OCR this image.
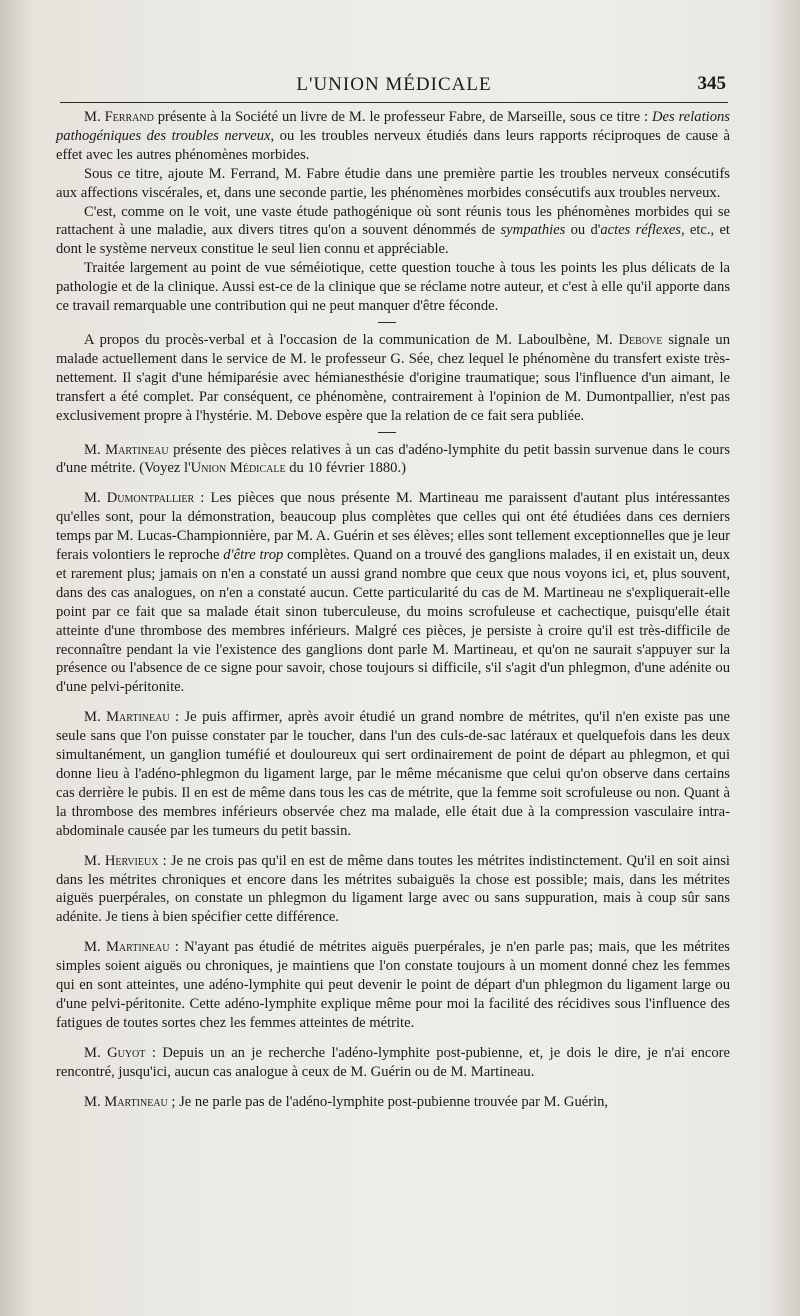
L'UNION MÉDICALE	345

M. Ferrand présente à la Société un livre de M. le professeur Fabre, de Marseille, sous ce titre : Des relations pathogéniques des troubles nerveux, ou les troubles nerveux étudiés dans leurs rapports réciproques de cause à effet avec les autres phénomènes morbides.

Sous ce titre, ajoute M. Ferrand, M. Fabre étudie dans une première partie les troubles nerveux consécutifs aux affections viscérales, et, dans une seconde partie, les phénomènes morbides consécutifs aux troubles nerveux.

C'est, comme on le voit, une vaste étude pathogénique où sont réunis tous les phénomènes morbides qui se rattachent à une maladie, aux divers titres qu'on a souvent dénommés de sympathies ou d'actes réflexes, etc., et dont le système nerveux constitue le seul lien connu et appréciable.

Traitée largement au point de vue séméiotique, cette question touche à tous les points les plus délicats de la pathologie et de la clinique. Aussi est-ce de la clinique que se réclame notre auteur, et c'est à elle qu'il apporte dans ce travail remarquable une contribution qui ne peut manquer d'être féconde.

A propos du procès-verbal et à l'occasion de la communication de M. Laboulbène, M. Debove signale un malade actuellement dans le service de M. le professeur G. Sée, chez lequel le phénomène du transfert existe très-nettement. Il s'agit d'une hémiparésie avec hémianesthésie d'origine traumatique; sous l'influence d'un aimant, le transfert a été complet. Par conséquent, ce phénomène, contrairement à l'opinion de M. Dumontpallier, n'est pas exclusivement propre à l'hystérie. M. Debove espère que la relation de ce fait sera publiée.

M. Martineau présente des pièces relatives à un cas d'adéno-lymphite du petit bassin survenue dans le cours d'une métrite. (Voyez l'Union Médicale du 10 février 1880.)

M. Dumontpallier : Les pièces que nous présente M. Martineau me paraissent d'autant plus intéressantes qu'elles sont, pour la démonstration, beaucoup plus complètes que celles qui ont été étudiées dans ces derniers temps par M. Lucas-Championnière, par M. A. Guérin et ses élèves; elles sont tellement exceptionnelles que je leur ferais volontiers le reproche d'être trop complètes. Quand on a trouvé des ganglions malades, il en existait un, deux et rarement plus; jamais on n'en a constaté un aussi grand nombre que ceux que nous voyons ici, et, plus souvent, dans des cas analogues, on n'en a constaté aucun. Cette particularité du cas de M. Martineau ne s'expliquerait-elle point par ce fait que sa malade était sinon tuberculeuse, du moins scrofuleuse et cachectique, puisqu'elle était atteinte d'une thrombose des membres inférieurs. Malgré ces pièces, je persiste à croire qu'il est très-difficile de reconnaître pendant la vie l'existence des ganglions dont parle M. Martineau, et qu'on ne saurait s'appuyer sur la présence ou l'absence de ce signe pour savoir, chose toujours si difficile, s'il s'agit d'un phlegmon, d'une adénite ou d'une pelvi-péritonite.

M. Martineau : Je puis affirmer, après avoir étudié un grand nombre de métrites, qu'il n'en existe pas une seule sans que l'on puisse constater par le toucher, dans l'un des culs-de-sac latéraux et quelquefois dans les deux simultanément, un ganglion tuméfié et douloureux qui sert ordinairement de point de départ au phlegmon, et qui donne lieu à l'adéno-phlegmon du ligament large, par le même mécanisme que celui qu'on observe dans certains cas derrière le pubis. Il en est de même dans tous les cas de métrite, que la femme soit scrofuleuse ou non. Quant à la thrombose des membres inférieurs observée chez ma malade, elle était due à la compression vasculaire intra-abdominale causée par les tumeurs du petit bassin.

M. Hervieux : Je ne crois pas qu'il en est de même dans toutes les métrites indistinctement. Qu'il en soit ainsi dans les métrites chroniques et encore dans les métrites subaiguës la chose est possible; mais, dans les métrites aiguës puerpérales, on constate un phlegmon du ligament large avec ou sans suppuration, mais à coup sûr sans adénite. Je tiens à bien spécifier cette différence.

M. Martineau : N'ayant pas étudié de métrites aiguës puerpérales, je n'en parle pas; mais, que les métrites simples soient aiguës ou chroniques, je maintiens que l'on constate toujours à un moment donné chez les femmes qui en sont atteintes, une adéno-lymphite qui peut devenir le point de départ d'un phlegmon du ligament large ou d'une pelvi-péritonite. Cette adéno-lymphite explique même pour moi la facilité des récidives sous l'influence des fatigues de toutes sortes chez les femmes atteintes de métrite.

M. Guyot : Depuis un an je recherche l'adéno-lymphite post-pubienne, et, je dois le dire, je n'ai encore rencontré, jusqu'ici, aucun cas analogue à ceux de M. Guérin ou de M. Martineau.

M. Martineau ; Je ne parle pas de l'adéno-lymphite post-pubienne trouvée par M. Guérin,
